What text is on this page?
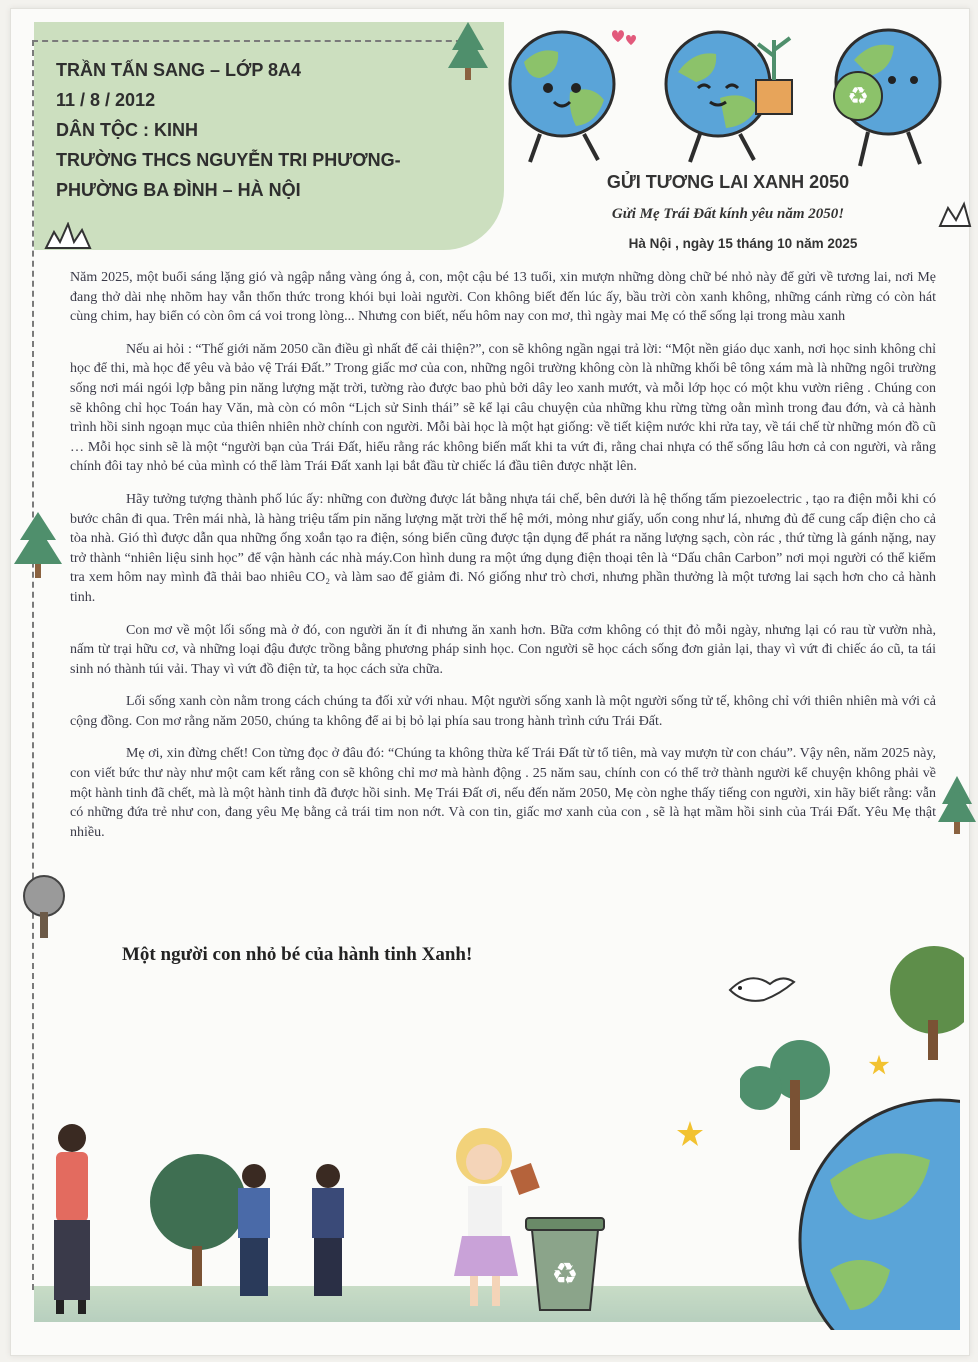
TRẦN TẤN SANG – LỚP 8A4
11 / 8 / 2012
DÂN TỘC : KINH
TRƯỜNG THCS NGUYỄN TRI PHƯƠNG-
PHƯỜNG BA ĐÌNH – HÀ NỘI
♻
GỬI TƯƠNG LAI XANH 2050
Gửi Mẹ Trái Đất kính yêu năm 2050!
Hà Nội , ngày 15 tháng 10 năm 2025

Năm 2025, một buổi sáng lặng gió và ngập nắng vàng óng ả, con, một cậu bé 13 tuổi, xin mượn những dòng chữ bé nhỏ này để gửi về tương lai, nơi Mẹ đang thở dài nhẹ nhõm hay vẫn thổn thức trong khói bụi loài người. Con không biết đến lúc ấy, bầu trời còn xanh không, những cánh rừng có còn hát cùng chim, hay biển có còn ôm cá voi trong lòng... Nhưng con biết, nếu hôm nay con mơ, thì ngày mai Mẹ có thể sống lại trong màu xanh

Nếu ai hỏi : “Thế giới năm 2050 cần điều gì nhất để cải thiện?”, con sẽ không ngần ngại trả lời: “Một nền giáo dục xanh, nơi học sinh không chỉ học để thi, mà học để yêu và bảo vệ Trái Đất.” Trong giấc mơ của con, những ngôi trường không còn là những khối bê tông xám mà là những ngôi trường sống nơi mái ngói lợp bằng pin năng lượng mặt trời, tường rào được bao phủ bởi dây leo xanh mướt, và mỗi lớp học có một khu vườn riêng . Chúng con sẽ không chỉ học Toán hay Văn, mà còn có môn “Lịch sử Sinh thái” sẽ kể lại câu chuyện của những khu rừng từng oằn mình trong đau đớn, và cả hành trình hồi sinh ngoạn mục của thiên nhiên nhờ chính con người. Mỗi bài học là một hạt giống: về tiết kiệm nước khi rửa tay, về tái chế từ những món đồ cũ … Mỗi học sinh sẽ là một “người bạn của Trái Đất, hiểu rằng rác không biến mất khi ta vứt đi, rằng chai nhựa có thể sống lâu hơn cả con người, và rằng chính đôi tay nhỏ bé của mình có thể làm Trái Đất xanh lại bắt đầu từ chiếc lá đầu tiên được nhặt lên.

Hãy tưởng tượng thành phố lúc ấy: những con đường được lát bằng nhựa tái chế, bên dưới là hệ thống tấm piezoelectric , tạo ra điện mỗi khi có bước chân đi qua. Trên mái nhà, là hàng triệu tấm pin năng lượng mặt trời thế hệ mới, mỏng như giấy, uốn cong như lá, nhưng đủ để cung cấp điện cho cả tòa nhà. Gió thì được dẫn qua những ống xoắn tạo ra điện, sóng biển cũng được tận dụng để phát ra năng lượng sạch, còn rác , thứ từng là gánh nặng, nay trở thành “nhiên liệu sinh học” để vận hành các nhà máy.Con hình dung ra một ứng dụng điện thoại tên là “Dấu chân Carbon” nơi mọi người có thể kiểm tra xem hôm nay mình đã thải bao nhiêu CO₂ và làm sao để giảm đi. Nó giống như trò chơi, nhưng phần thưởng là một tương lai sạch hơn cho cả hành tinh.

Con mơ về một lối sống mà ở đó, con người ăn ít đi nhưng ăn xanh hơn. Bữa cơm không có thịt đỏ mỗi ngày, nhưng lại có rau từ vườn nhà, nấm từ trại hữu cơ, và những loại đậu được trồng bằng phương pháp sinh học. Con người sẽ học cách sống đơn giản lại, thay vì vứt đi chiếc áo cũ, ta tái sinh nó thành túi vải. Thay vì vứt đồ điện tử, ta học cách sửa chữa.

Lối sống xanh còn nằm trong cách chúng ta đối xử với nhau. Một người sống xanh là một người sống tử tế, không chỉ với thiên nhiên mà với cả cộng đồng. Con mơ rằng năm 2050, chúng ta không để ai bị bỏ lại phía sau trong hành trình cứu Trái Đất.

Mẹ ơi, xin đừng chết! Con từng đọc ở đâu đó: “Chúng ta không thừa kế Trái Đất từ tổ tiên, mà vay mượn từ con cháu”. Vậy nên, năm 2025 này, con viết bức thư này như một cam kết rằng con sẽ không chỉ mơ mà hành động . 25 năm sau, chính con có thể trở thành người kể chuyện không phải về một hành tinh đã chết, mà là một hành tinh đã được hồi sinh. Mẹ Trái Đất ơi, nếu đến năm 2050, Mẹ còn nghe thấy tiếng con người, xin hãy biết rằng: vẫn có những đứa trẻ như con, đang yêu Mẹ bằng cả trái tim non nớt. Và con tin, giấc mơ xanh của con , sẽ là hạt mầm hồi sinh của Trái Đất. Yêu Mẹ thật nhiều.

Một người con nhỏ bé của hành tinh Xanh!
♻
